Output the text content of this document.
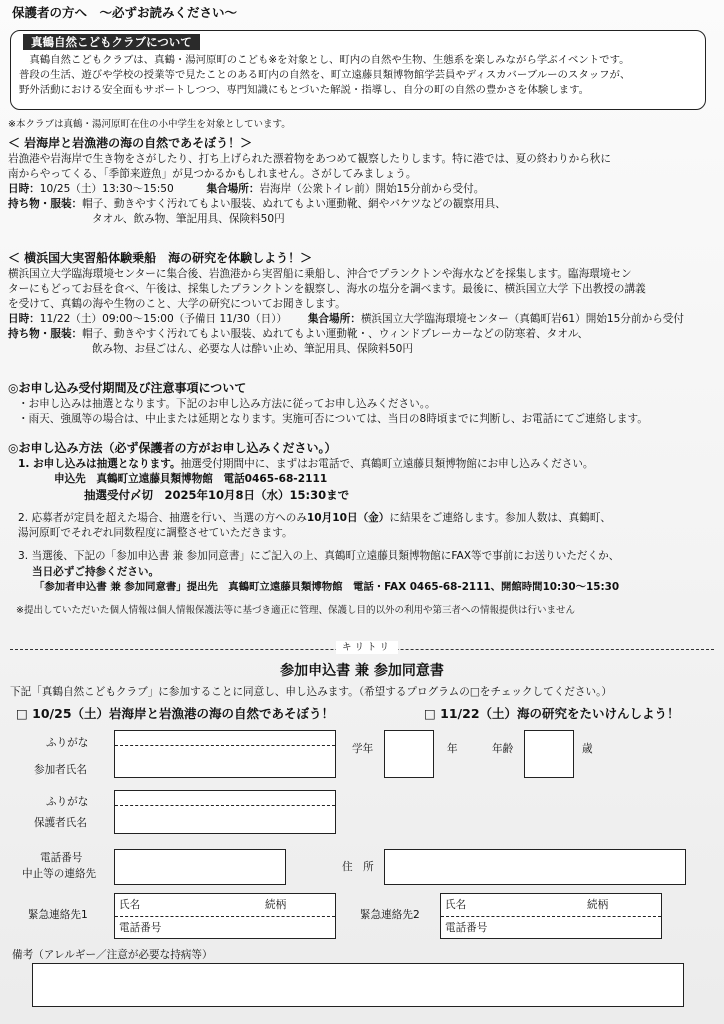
保護者の方へ　～必ずお読みください～
真鶴自然こどもクラブについて
　真鶴自然こどもクラブは、真鶴・湯河原町のこども※を対象とし、町内の自然や生物、生態系を楽しみながら学ぶイベントです。
普段の生活、遊びや学校の授業等で見たことのある町内の自然を、町立遠藤貝類博物館学芸員やディスカバーブルーのスタッフが、
野外活動における安全面もサポートしつつ、専門知識にもとづいた解説・指導し、自分の町の自然の豊かさを体験します。
※本クラブは真鶴・湯河原町在住の小中学生を対象としています。
＜ 岩海岸と岩漁港の海の自然であそぼう！＞
岩漁港や岩海岸で生き物をさがしたり、打ち上げられた漂着物をあつめて観察したりします。特に港では、夏の終わりから秋に
南からやってくる、「季節来遊魚」が見つかるかもしれません。さがしてみましょう。
日時：10/25（土）13:30～15:50	集合場所：岩海岸（公衆トイレ前）開始15分前から受付。
持ち物・服装：帽子、動きやすく汚れてもよい服装、ぬれてもよい運動靴、網やバケツなどの観察用具、
タオル、飲み物、筆記用具、保険料50円
＜ 横浜国大実習船体験乗船　海の研究を体験しよう！＞
横浜国立大学臨海環境センターに集合後、岩漁港から実習船に乗船し、沖合でプランクトンや海水などを採集します。臨海環境セン
ターにもどってお昼を食べ、午後は、採集したプランクトンを観察し、海水の塩分を調べます。最後に、横浜国立大学 下出教授の講義
を受けて、真鶴の海や生物のこと、大学の研究についてお聞きします。
日時：11/22（土）09:00～15:00（予備日 11/30（日）） 集合場所：横浜国立大学臨海環境センター（真鶴町岩61）開始15分前から受付
持ち物・服装：帽子、動きやすく汚れてもよい服装、ぬれてもよい運動靴・、ウィンドブレーカーなどの防寒着、タオル、
飲み物、お昼ごはん、必要な人は酔い止め、筆記用具、保険料50円
◎お申し込み受付期間及び注意事項について
・お申し込みは抽選となります。下記のお申し込み方法に従ってお申し込みください。。
・雨天、強風等の場合は、中止または延期となります。実施可否については、当日の8時頃までに判断し、お電話にてご連絡します。
◎お申し込み方法（必ず保護者の方がお申し込みください。）
1. お申し込みは抽選となります。抽選受付期間中に、まずはお電話で、真鶴町立遠藤貝類博物館にお申し込みください。
申込先　真鶴町立遠藤貝類博物館　電話0465-68-2111
抽選受付〆切　2025年10月8日（水）15:30まで
2. 応募者が定員を超えた場合、抽選を行い、当選の方へのみ10月10日（金）に結果をご連絡します。参加人数は、真鶴町、
湯河原町でそれぞれ同数程度に調整させていただきます。
3. 当選後、下記の「参加申込書 兼 参加同意書」にご記入の上、真鶴町立遠藤貝類博物館にFAX等で事前にお送りいただくか、
当日必ずご持参ください。
「参加者申込書 兼 参加同意書」提出先　真鶴町立遠藤貝類博物館　電話・FAX 0465-68-2111、開館時間10:30～15:30
※提出していただいた個人情報は個人情報保護法等に基づき適正に管理、保護し目的以外の利用や第三者への情報提供は行いません
キリトリ
参加申込書 兼 参加同意書
下記「真鶴自然こどもクラブ」に参加することに同意し、申し込みます。（希望するプログラムの□をチェックしてください。）
□ 10/25（土）岩海岸と岩漁港の海の自然であそぼう！	□ 11/22（土）海の研究をたいけんしよう！
ふりがな
参加者氏名
学年	年	年齢	歳
ふりがな
保護者氏名
電話番号
中止等の連絡先
住　所
緊急連絡先1
氏名	続柄
電話番号
緊急連絡先2
氏名	続柄
電話番号
備考（アレルギー／注意が必要な持病等）
